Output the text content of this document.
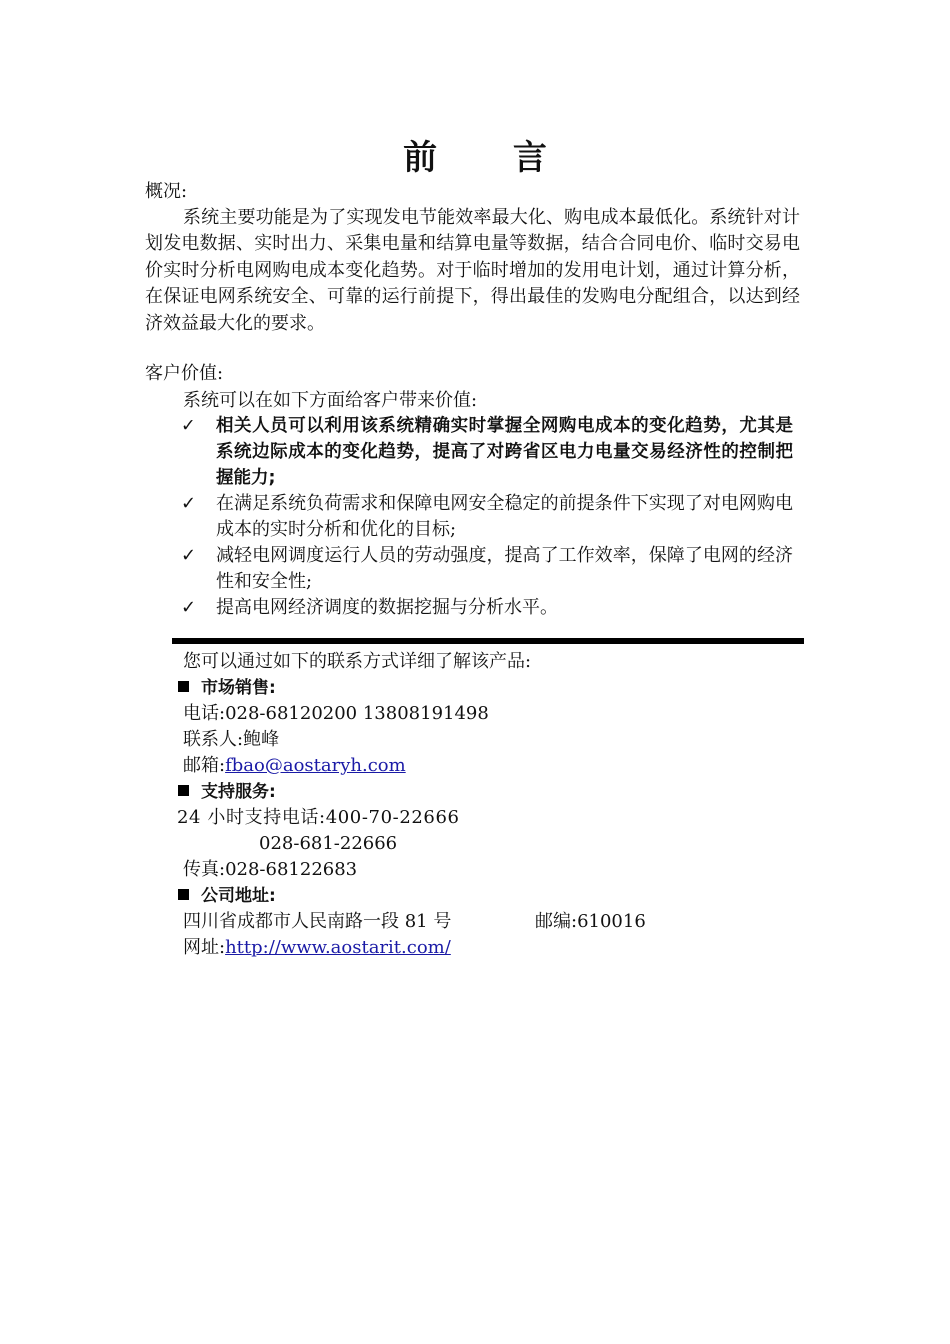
前 言
概况:
系统主要功能是为了实现发电节能效率最大化、购电成本最低化。系统针对计划发电数据、实时出力、采集电量和结算电量等数据，结合合同电价、临时交易电价实时分析电网购电成本变化趋势。对于临时增加的发用电计划，通过计算分析，在保证电网系统安全、可靠的运行前提下，得出最佳的发购电分配组合，以达到经济效益最大化的要求。
客户价值:
系统可以在如下方面给客户带来价值:
✓	相关人员可以利用该系统精确实时掌握全网购电成本的变化趋势，尤其是系统边际成本的变化趋势，提高了对跨省区电力电量交易经济性的控制把握能力;
✓	在满足系统负荷需求和保障电网安全稳定的前提条件下实现了对电网购电成本的实时分析和优化的目标;
✓	减轻电网调度运行人员的劳动强度，提高了工作效率，保障了电网的经济性和安全性;
✓	提高电网经济调度的数据挖掘与分析水平。
您可以通过如下的联系方式详细了解该产品:
市场销售:
电话:028-68120200 13808191498
联系人:鲍峰
邮箱:fbao@aostaryh.com
支持服务:
24 小时支持电话:400-70-22666
028-681-22666
传真:028-68122683
公司地址:
四川省成都市人民南路一段 81 号	邮编:610016
网址:http://www.aostarit.com/
